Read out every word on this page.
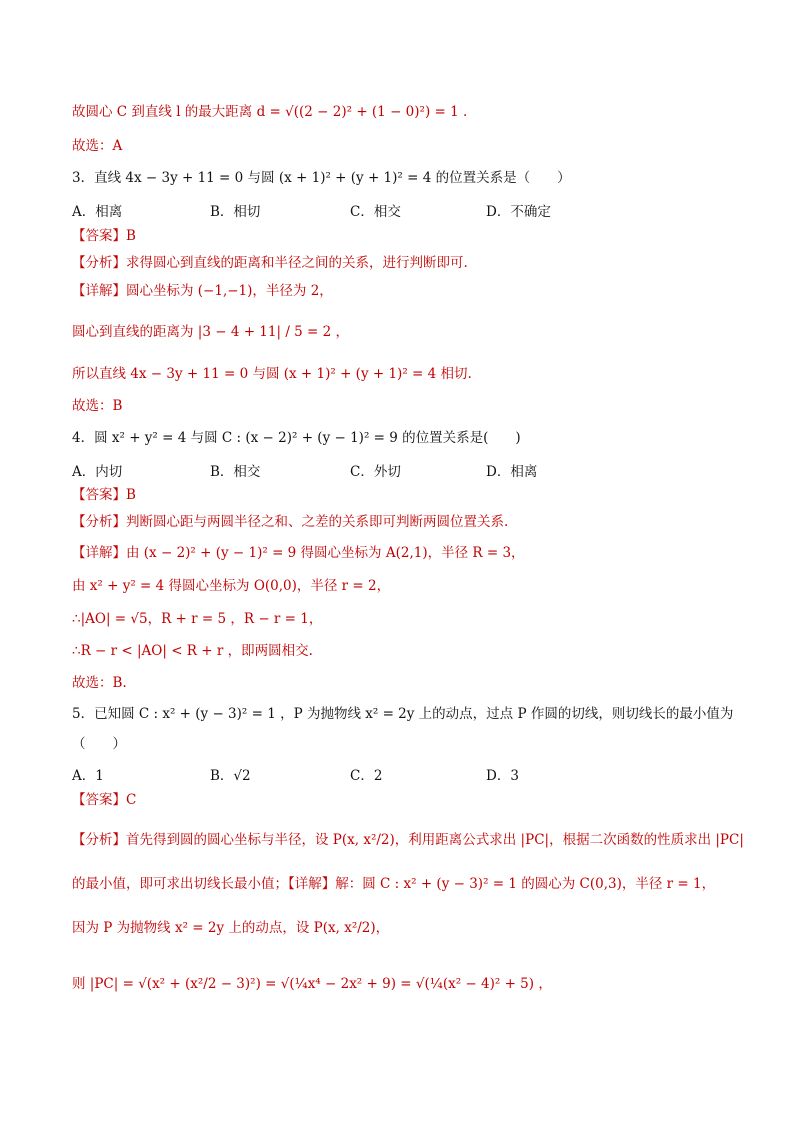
故圆心 C 到直线 l 的最大距离 d = √((2 − 2)² + (1 − 0)²) = 1 .
故选：A
3．直线 4x − 3y + 11 = 0 与圆 (x + 1)² + (y + 1)² = 4 的位置关系是（　　）
A．相离	B．相切	C．相交	D．不确定
【答案】B
【分析】求得圆心到直线的距离和半径之间的关系，进行判断即可.
【详解】圆心坐标为 (−1,−1)，半径为 2，
圆心到直线的距离为 |3 − 4 + 11| / 5 = 2 ，
所以直线 4x − 3y + 11 = 0 与圆 (x + 1)² + (y + 1)² = 4 相切.
故选：B
4．圆 x² + y² = 4 与圆 C : (x − 2)² + (y − 1)² = 9 的位置关系是(　　)
A．内切	B．相交	C．外切	D．相离
【答案】B
【分析】判断圆心距与两圆半径之和、之差的关系即可判断两圆位置关系.
【详解】由 (x − 2)² + (y − 1)² = 9 得圆心坐标为 A(2,1)，半径 R = 3，
由 x² + y² = 4 得圆心坐标为 O(0,0)，半径 r = 2，
∴|AO| = √5，R + r = 5 ，R − r = 1，
∴R − r < |AO| < R + r ，即两圆相交.
故选：B.
5．已知圆 C : x² + (y − 3)² = 1 ，P 为抛物线 x² = 2y 上的动点，过点 P 作圆的切线，则切线长的最小值为
（　　）
A．1	B．√2	C．2	D．3
【答案】C
【分析】首先得到圆的圆心坐标与半径，设 P(x, x²/2)，利用距离公式求出 |PC|，根据二次函数的性质求出 |PC|
的最小值，即可求出切线长最小值；【详解】解：圆 C : x² + (y − 3)² = 1 的圆心为 C(0,3)，半径 r = 1，
因为 P 为抛物线 x² = 2y 上的动点，设 P(x, x²/2)，
则 |PC| = √(x² + (x²/2 − 3)²) = √(¼x⁴ − 2x² + 9) = √(¼(x² − 4)² + 5) ，
